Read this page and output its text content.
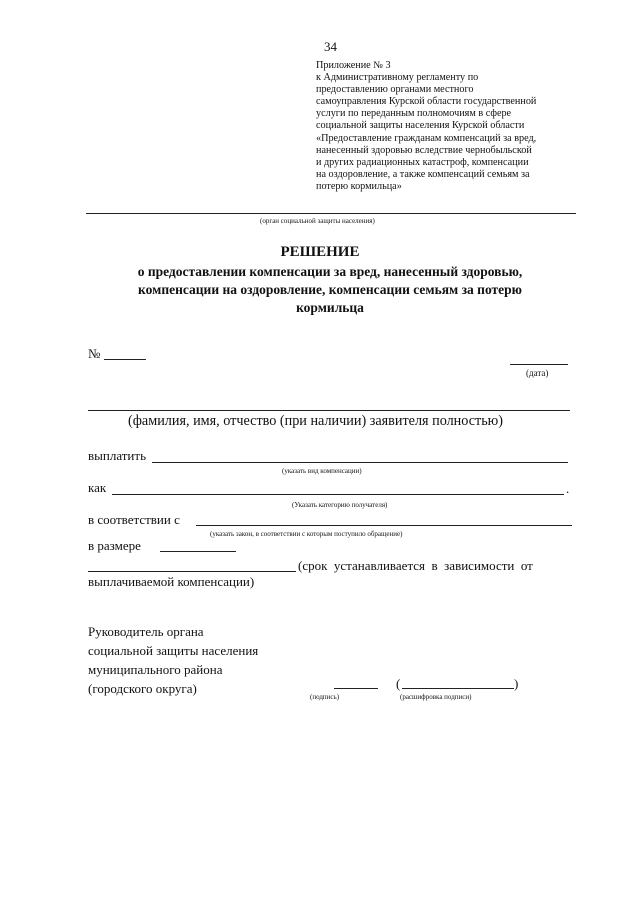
34
Приложение № 3
к Административному регламенту по
предоставлению органами местного
самоуправления Курской области государственной
услуги по переданным полномочиям в сфере
социальной защиты населения Курской области
«Предоставление гражданам компенсаций за вред,
нанесенный здоровью вследствие чернобыльской
и других радиационных катастроф, компенсации
на оздоровление, а также компенсаций семьям за
потерю кормильца»
(орган социальной защиты населения)
РЕШЕНИЕ
о предоставлении компенсации за вред, нанесенный здоровью,
компенсации на оздоровление, компенсации семьям за потерю
кормильца
№
(дата)
(фамилия, имя, отчество (при наличии) заявителя полностью)
выплатить
(указать вид компенсации)
как	.
(Указать категорию получателя)
в соответствии с
(указать закон, в соответствии с которым поступило обращение)
в размере
(срок  устанавливается  в  зависимости  от
выплачиваемой компенсации)
Руководитель органа
социальной защиты населения
муниципального района
(городского округа)
(подпись)
(	)
(расшифровка подписи)
